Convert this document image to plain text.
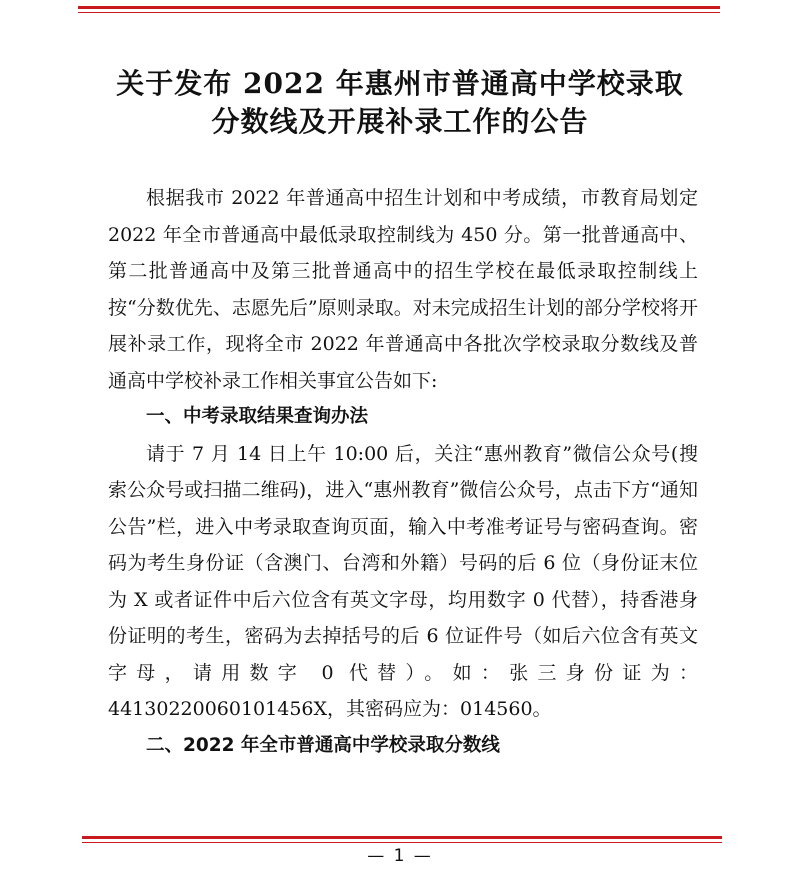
关于发布 2022 年惠州市普通高中学校录取
分数线及开展补录工作的公告

根据我市 2022 年普通高中招生计划和中考成绩，市教育局划定 2022 年全市普通高中最低录取控制线为 450 分。第一批普通高中、第二批普通高中及第三批普通高中的招生学校在最低录取控制线上按“分数优先、志愿先后”原则录取。对未完成招生计划的部分学校将开展补录工作，现将全市 2022 年普通高中各批次学校录取分数线及普通高中学校补录工作相关事宜公告如下:

一、中考录取结果查询办法

请于 7 月 14 日上午 10:00 后，关注“惠州教育”微信公众号(搜索公众号或扫描二维码)，进入“惠州教育”微信公众号，点击下方“通知公告”栏，进入中考录取查询页面，输入中考准考证号与密码查询。密码为考生身份证（含澳门、台湾和外籍）号码的后 6 位（身份证末位为 X 或者证件中后六位含有英文字母，均用数字 0 代替），持香港身份证明的考生，密码为去掉括号的后 6 位证件号（如后六位含有英文字母，请用数字 0 代替）。如：张三身份证为：44130220060101456X，其密码应为：014560。

二、2022 年全市普通高中学校录取分数线

— 1 —
